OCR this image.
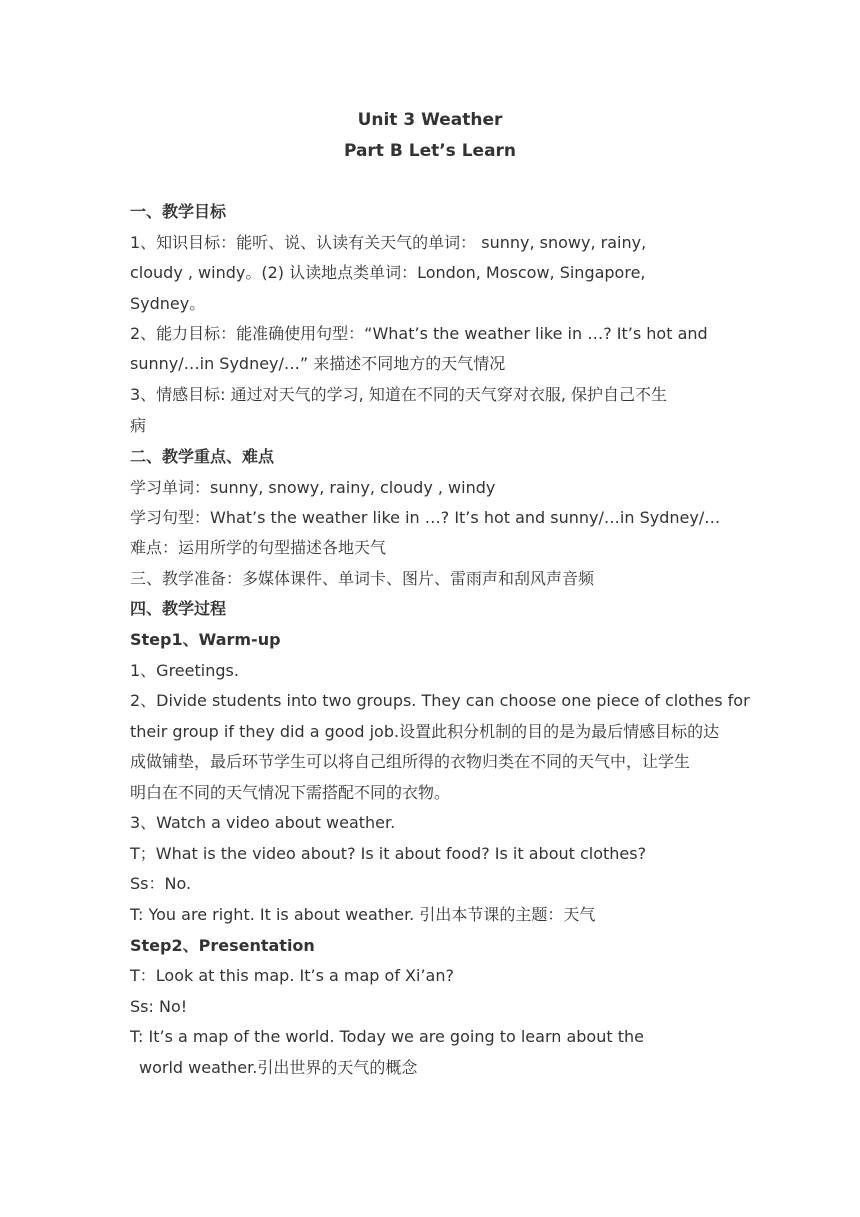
Unit 3 Weather
Part B Let’s Learn
一、教学目标
1、知识目标：能听、说、认读有关天气的单词： sunny, snowy, rainy,
cloudy , windy。(2) 认读地点类单词：London, Moscow, Singapore,
Sydney。
2、能力目标：能准确使用句型：“What’s the weather like in …? It’s hot and
sunny/…in Sydney/…” 来描述不同地方的天气情况
3、情感目标: 通过对天气的学习, 知道在不同的天气穿对衣服, 保护自己不生
病
二、教学重点、难点
学习单词：sunny, snowy, rainy, cloudy , windy
学习句型：What’s the weather like in …? It’s hot and sunny/…in Sydney/…
难点：运用所学的句型描述各地天气
三、教学准备：多媒体课件、单词卡、图片、雷雨声和刮风声音频
四、教学过程
Step1、Warm-up
1、Greetings.
2、Divide students into two groups. They can choose one piece of clothes for
their group if they did a good job.设置此积分机制的目的是为最后情感目标的达
成做铺垫，最后环节学生可以将自己组所得的衣物归类在不同的天气中，让学生
明白在不同的天气情况下需搭配不同的衣物。
3、Watch a video about weather.
T；What is the video about? Is it about food? Is it about clothes?
Ss：No.
T: You are right. It is about weather. 引出本节课的主题：天气
Step2、Presentation
T：Look at this map. It’s a map of Xi’an?
Ss: No!
T: It’s a map of the world. Today we are going to learn about the
world weather.引出世界的天气的概念
